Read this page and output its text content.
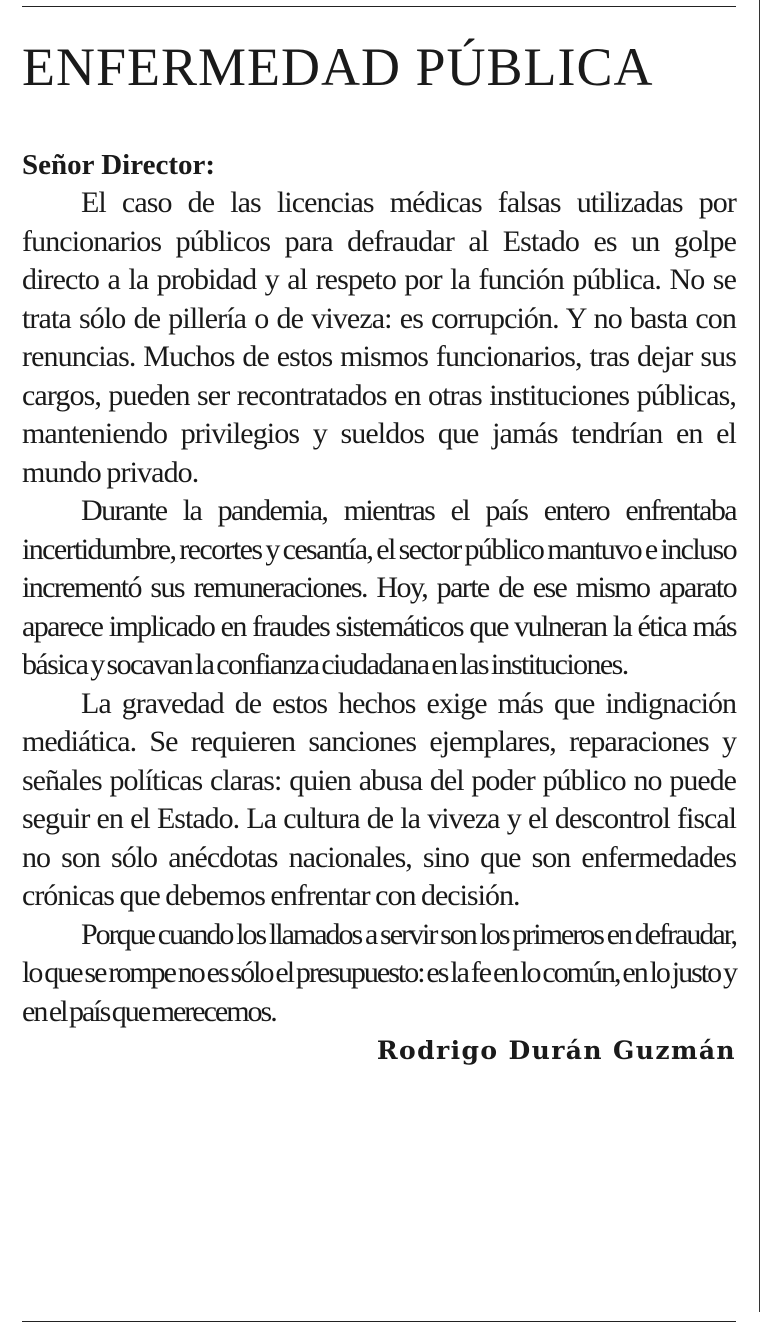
ENFERMEDAD PÚBLICA

Señor Director:

El caso de las licencias médicas falsas utilizadas por funcionarios públicos para defraudar al Estado es un golpe directo a la probidad y al respeto por la función pública. No se trata sólo de pillería o de viveza: es corrupción. Y no basta con renuncias. Muchos de estos mismos funcionarios, tras dejar sus cargos, pueden ser recontratados en otras instituciones públicas, manteniendo privilegios y sueldos que jamás tendrían en el mundo privado.

Durante la pandemia, mientras el país entero enfrentaba incertidumbre, recortes y cesantía, el sector público mantuvo e incluso incrementó sus remuneraciones. Hoy, parte de ese mismo aparato aparece implicado en fraudes sistemáticos que vulneran la ética más básica y socavan la confianza ciudadana en las instituciones.

La gravedad de estos hechos exige más que indignación mediática. Se requieren sanciones ejemplares, reparaciones y señales políticas claras: quien abusa del poder público no puede seguir en el Estado. La cultura de la viveza y el descontrol fiscal no son sólo anécdotas nacionales, sino que son enfermedades crónicas que debemos enfrentar con decisión.

Porque cuando los llamados a servir son los primeros en defraudar, lo que se rompe no es sólo el presupuesto: es la fe en lo común, en lo justo y en el país que merecemos.

Rodrigo Durán Guzmán
